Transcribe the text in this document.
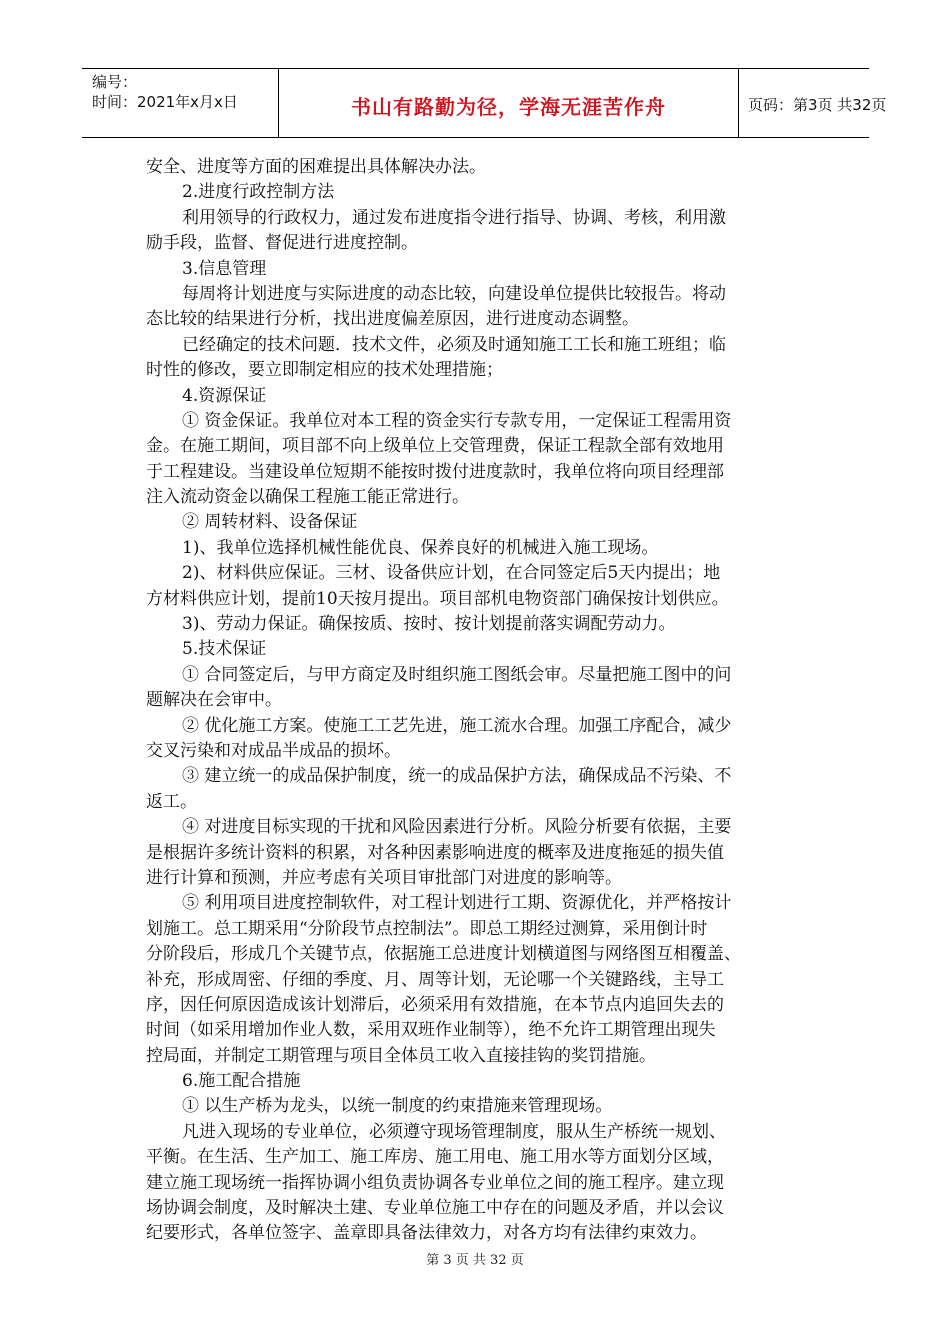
编号：
时间：2021年x月x日	书山有路勤为径，学海无涯苦作舟	页码：第3页 共32页
安全、进度等方面的困难提出具体解决办法。
2.进度行政控制方法
利用领导的行政权力，通过发布进度指令进行指导、协调、考核，利用激
励手段，监督、督促进行进度控制。
3.信息管理
每周将计划进度与实际进度的动态比较，向建设单位提供比较报告。将动
态比较的结果进行分析，找出进度偏差原因，进行进度动态调整。
已经确定的技术问题．技术文件，必须及时通知施工工长和施工班组；临
时性的修改，要立即制定相应的技术处理措施；
4.资源保证
① 资金保证。我单位对本工程的资金实行专款专用，一定保证工程需用资
金。在施工期间，项目部不向上级单位上交管理费，保证工程款全部有效地用
于工程建设。当建设单位短期不能按时拨付进度款时，我单位将向项目经理部
注入流动资金以确保工程施工能正常进行。
② 周转材料、设备保证
1)、我单位选择机械性能优良、保养良好的机械进入施工现场。
2)、材料供应保证。三材、设备供应计划，在合同签定后5天内提出；地
方材料供应计划，提前10天按月提出。项目部机电物资部门确保按计划供应。
3)、劳动力保证。确保按质、按时、按计划提前落实调配劳动力。
5.技术保证
① 合同签定后，与甲方商定及时组织施工图纸会审。尽量把施工图中的问
题解决在会审中。
② 优化施工方案。使施工工艺先进，施工流水合理。加强工序配合，减少
交叉污染和对成品半成品的损坏。
③ 建立统一的成品保护制度，统一的成品保护方法，确保成品不污染、不
返工。
④ 对进度目标实现的干扰和风险因素进行分析。风险分析要有依据，主要
是根据许多统计资料的积累，对各种因素影响进度的概率及进度拖延的损失值
进行计算和预测，并应考虑有关项目审批部门对进度的影响等。
⑤ 利用项目进度控制软件，对工程计划进行工期、资源优化，并严格按计
划施工。总工期采用“分阶段节点控制法”。即总工期经过测算，采用倒计时
分阶段后，形成几个关键节点，依据施工总进度计划横道图与网络图互相覆盖、
补充，形成周密、仔细的季度、月、周等计划，无论哪一个关键路线，主导工
序，因任何原因造成该计划滞后，必须采用有效措施，在本节点内追回失去的
时间（如采用增加作业人数，采用双班作业制等），绝不允许工期管理出现失
控局面，并制定工期管理与项目全体员工收入直接挂钩的奖罚措施。
6.施工配合措施
① 以生产桥为龙头，以统一制度的约束措施来管理现场。
凡进入现场的专业单位，必须遵守现场管理制度，服从生产桥统一规划、
平衡。在生活、生产加工、施工库房、施工用电、施工用水等方面划分区域，
建立施工现场统一指挥协调小组负责协调各专业单位之间的施工程序。建立现
场协调会制度，及时解决土建、专业单位施工中存在的问题及矛盾，并以会议
纪要形式，各单位签字、盖章即具备法律效力，对各方均有法律约束效力。
第 3 页 共 32 页
